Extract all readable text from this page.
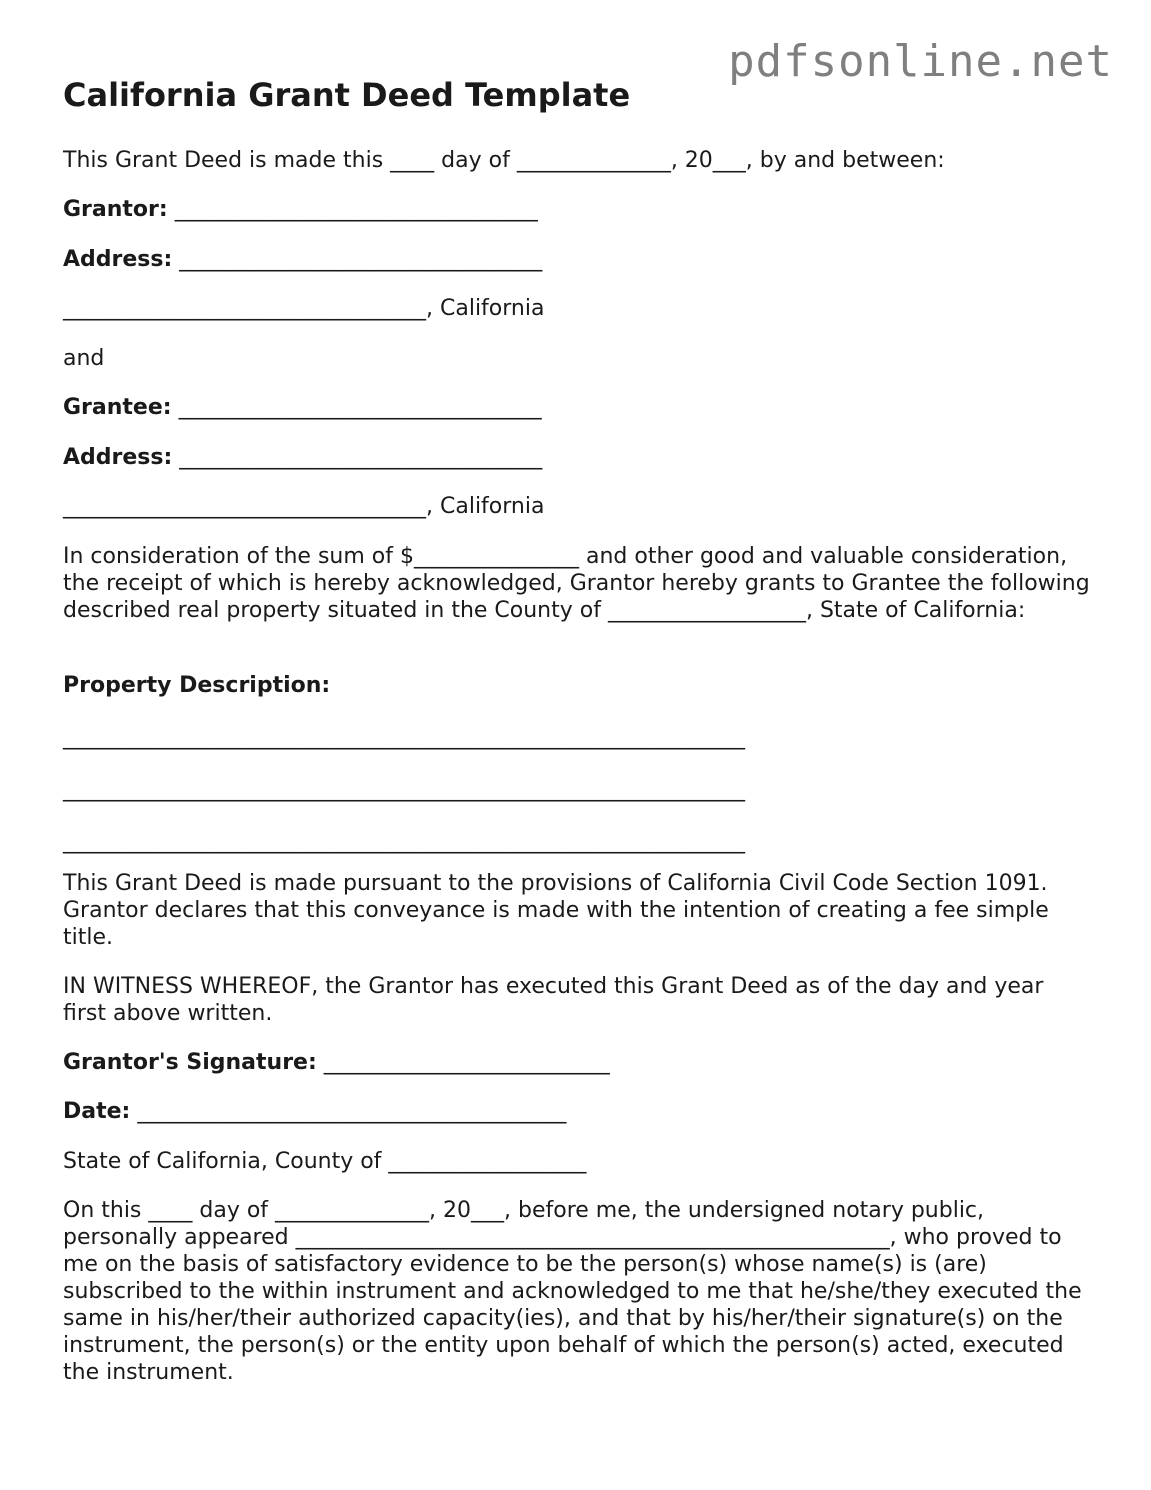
pdfsonline.net
California Grant Deed Template

This Grant Deed is made this ____ day of ______________, 20___, by and between:

Grantor: _________________________________

Address: _________________________________

_________________________________, California

and

Grantee: _________________________________

Address: _________________________________

_________________________________, California

In consideration of the sum of $_______________ and other good and valuable consideration, the receipt of which is hereby acknowledged, Grantor hereby grants to Grantee the following described real property situated in the County of __________________, State of California:

Property Description:

______________________________________________________________

______________________________________________________________

______________________________________________________________

This Grant Deed is made pursuant to the provisions of California Civil Code Section 1091. Grantor declares that this conveyance is made with the intention of creating a fee simple title.

IN WITNESS WHEREOF, the Grantor has executed this Grant Deed as of the day and year first above written.

Grantor's Signature: __________________________

Date: _______________________________________

State of California, County of __________________

On this ____ day of ______________, 20___, before me, the undersigned notary public, personally appeared ______________________________________________________, who proved to me on the basis of satisfactory evidence to be the person(s) whose name(s) is (are) subscribed to the within instrument and acknowledged to me that he/she/they executed the same in his/her/their authorized capacity(ies), and that by his/her/their signature(s) on the instrument, the person(s) or the entity upon behalf of which the person(s) acted, executed the instrument.
